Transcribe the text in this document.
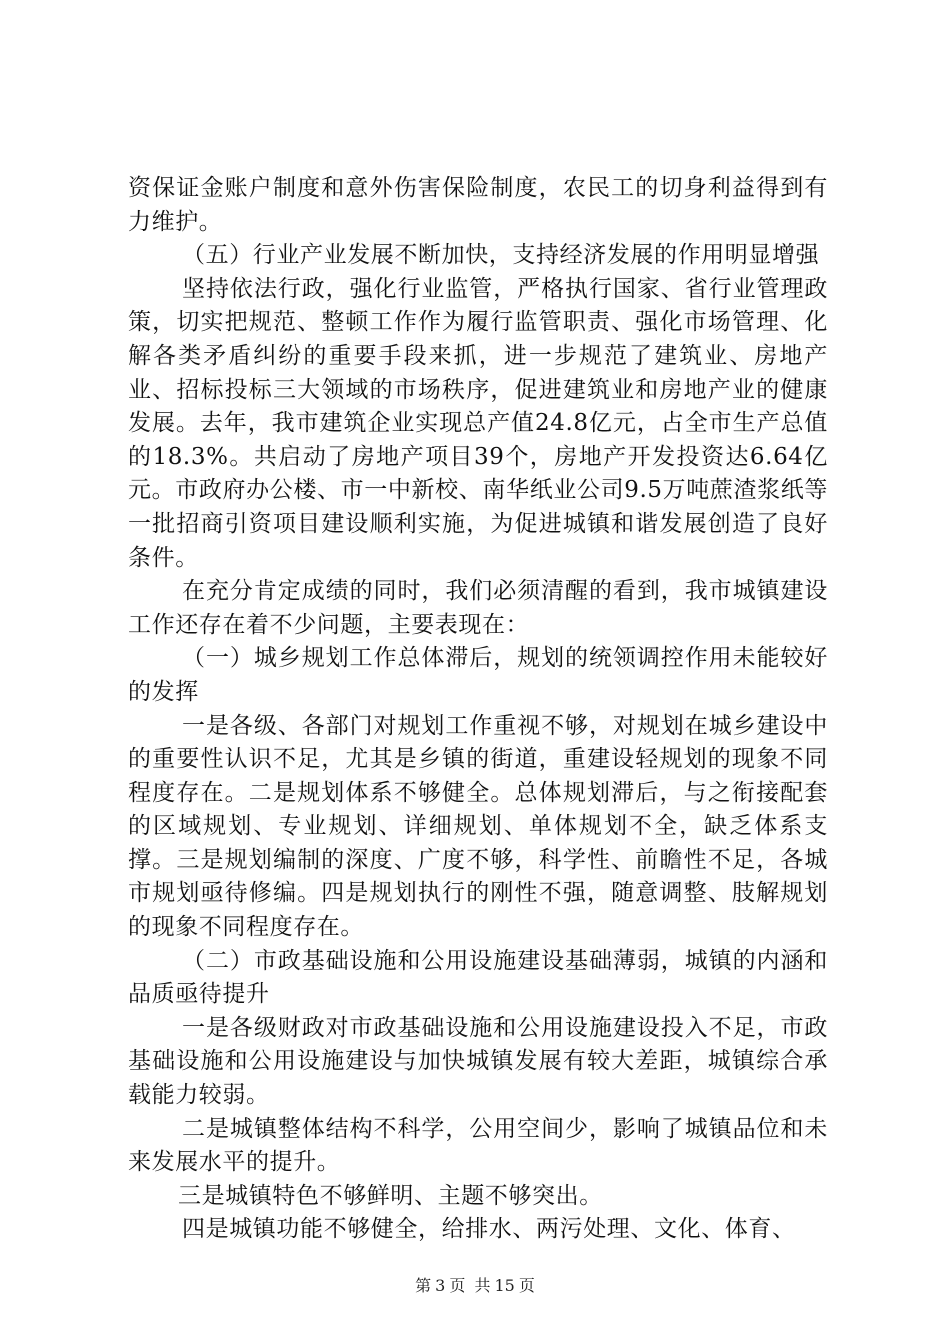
资保证金账户制度和意外伤害保险制度，农民工的切身利益得到有力维护。

（五）行业产业发展不断加快，支持经济发展的作用明显增强

坚持依法行政，强化行业监管，严格执行国家、省行业管理政策，切实把规范、整顿工作作为履行监管职责、强化市场管理、化解各类矛盾纠纷的重要手段来抓，进一步规范了建筑业、房地产业、招标投标三大领域的市场秩序，促进建筑业和房地产业的健康发展。去年，我市建筑企业实现总产值24.8亿元，占全市生产总值的18.3%。共启动了房地产项目39个，房地产开发投资达6.64亿元。市政府办公楼、市一中新校、南华纸业公司9.5万吨蔗渣浆纸等一批招商引资项目建设顺利实施，为促进城镇和谐发展创造了良好条件。

在充分肯定成绩的同时，我们必须清醒的看到，我市城镇建设工作还存在着不少问题，主要表现在：

（一）城乡规划工作总体滞后，规划的统领调控作用未能较好的发挥

一是各级、各部门对规划工作重视不够，对规划在城乡建设中的重要性认识不足，尤其是乡镇的街道，重建设轻规划的现象不同程度存在。二是规划体系不够健全。总体规划滞后，与之衔接配套的区域规划、专业规划、详细规划、单体规划不全，缺乏体系支撑。三是规划编制的深度、广度不够，科学性、前瞻性不足，各城市规划亟待修编。四是规划执行的刚性不强，随意调整、肢解规划的现象不同程度存在。

（二）市政基础设施和公用设施建设基础薄弱，城镇的内涵和品质亟待提升

一是各级财政对市政基础设施和公用设施建设投入不足，市政基础设施和公用设施建设与加快城镇发展有较大差距，城镇综合承载能力较弱。

二是城镇整体结构不科学，公用空间少，影响了城镇品位和未来发展水平的提升。

三是城镇特色不够鲜明、主题不够突出。

四是城镇功能不够健全，给排水、两污处理、文化、体育、

第 3 页 共 15 页
